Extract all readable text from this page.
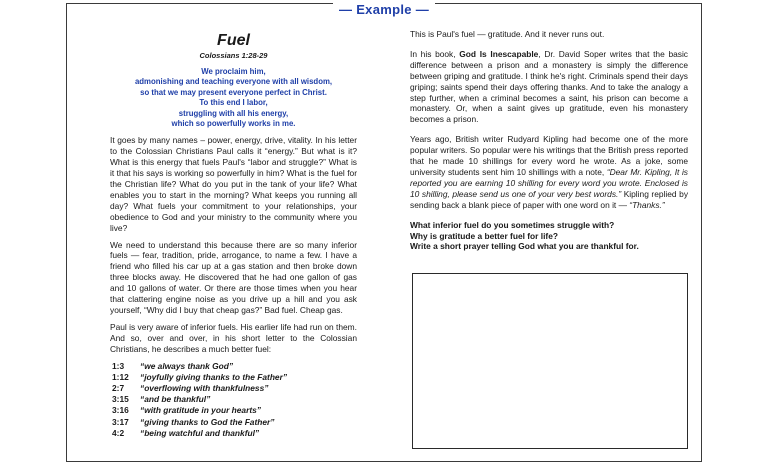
— Example —
Fuel
Colossians 1:28-29
We proclaim him,
admonishing and teaching everyone with all wisdom,
so that we may present everyone perfect in Christ.
To this end I labor,
struggling with all his energy,
which so powerfully works in me.

It goes by many names – power, energy, drive, vitality. In his letter to the Colossian Christians Paul calls it “energy.” But what is it? What is this energy that fuels Paul's “labor and struggle?” What is it that his says is working so powerfully in him? What is the fuel for the Christian life? What do you put in the tank of your life? What enables you to start in the morning? What keeps you running all day? What fuels your commitment to your relationships, your obedience to God and your ministry to the community where you live?

We need to understand this because there are so many inferior fuels — fear, tradition, pride, arrogance, to name a few. I have a friend who filled his car up at a gas station and then broke down three blocks away. He discovered that he had one gallon of gas and 10 gallons of water. Or there are those times when you hear that clattering engine noise as you drive up a hill and you ask yourself, “Why did I buy that cheap gas?” Bad fuel. Cheap gas.

Paul is very aware of inferior fuels. His earlier life had run on them. And so, over and over, in his short letter to the Colossian Christians, he describes a much better fuel:

1:3	“we always thank God”
1:12	“joyfully giving thanks to the Father”
2:7	“overflowing with thankfulness”
3:15	“and be thankful”
3:16	“with gratitude in your hearts”
3:17	“giving thanks to God the Father”
4:2	“being watchful and thankful”

This is Paul's fuel — gratitude. And it never runs out.

In his book, God Is Inescapable, Dr. David Soper writes that the basic difference between a prison and a monastery is simply the difference between griping and gratitude. I think he's right. Criminals spend their days griping; saints spend their days offering thanks. And to take the analogy a step further, when a criminal becomes a saint, his prison can become a monastery. Or, when a saint gives up gratitude, even his monastery becomes a prison.

Years ago, British writer Rudyard Kipling had become one of the more popular writers. So popular were his writings that the British press reported that he made 10 shillings for every word he wrote. As a joke, some university students sent him 10 shillings with a note, “Dear Mr. Kipling, It is reported you are earning 10 shilling for every word you wrote. Enclosed is 10 shilling, please send us one of your very best words.” Kipling replied by sending back a blank piece of paper with one word on it — “Thanks.”

What inferior fuel do you sometimes struggle with?
Why is gratitude a better fuel for life?
Write a short prayer telling God what you are thankful for.
